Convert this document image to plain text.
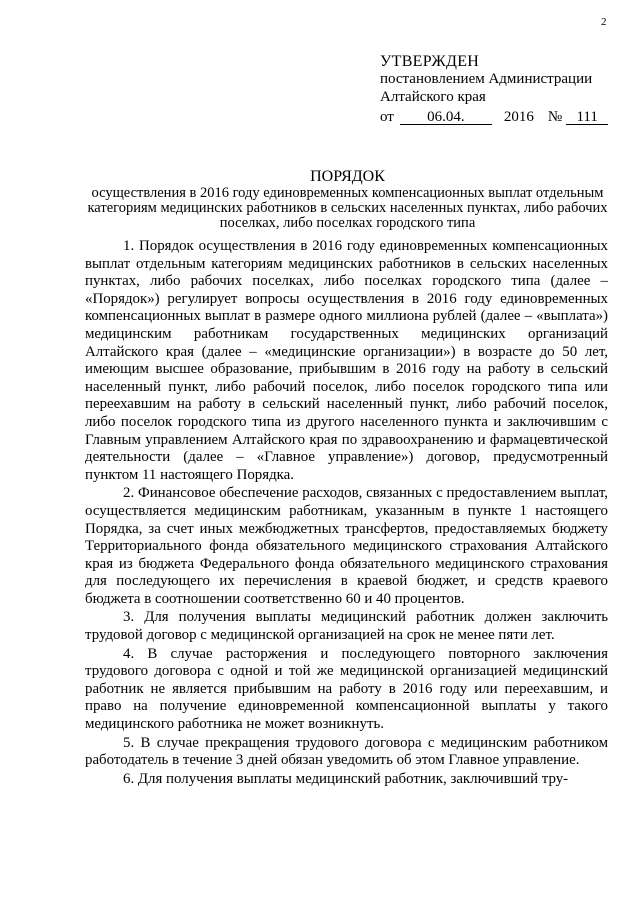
2
УТВЕРЖДЕН
постановлением Администрации
Алтайского края
от 06.04.	2016 № 111
ПОРЯДОК
осуществления в 2016 году единовременных компенсационных выплат отдельным категориям медицинских работников в сельских населенных пунктах, либо рабочих поселках, либо поселках городского типа

1. Порядок осуществления в 2016 году единовременных компенсационных выплат отдельным категориям медицинских работников в сельских населенных пунктах, либо рабочих поселках, либо поселках городского типа (далее – «Порядок») регулирует вопросы осуществления в 2016 году единовременных компенсационных выплат в размере одного миллиона рублей (далее – «выплата») медицинским работникам государственных медицинских организаций Алтайского края (далее – «медицинские организации») в возрасте до 50 лет, имеющим высшее образование, прибывшим в 2016 году на работу в сельский населенный пункт, либо рабочий поселок, либо поселок городского типа или переехавшим на работу в сельский населенный пункт, либо рабочий поселок, либо поселок городского типа из другого населенного пункта и заключившим с Главным управлением Алтайского края по здравоохранению и фармацевтической деятельности (далее – «Главное управление») договор, предусмотренный пунктом 11 настоящего Порядка.

2. Финансовое обеспечение расходов, связанных с предоставлением выплат, осуществляется медицинским работникам, указанным в пункте 1 настоящего Порядка, за счет иных межбюджетных трансфертов, предоставляемых бюджету Территориального фонда обязательного медицинского страхования Алтайского края из бюджета Федерального фонда обязательного медицинского страхования для последующего их перечисления в краевой бюджет, и средств краевого бюджета в соотношении соответственно 60 и 40 процентов.

3. Для получения выплаты медицинский работник должен заключить трудовой договор с медицинской организацией на срок не менее пяти лет.

4. В случае расторжения и последующего повторного заключения трудового договора с одной и той же медицинской организацией медицинский работник не является прибывшим на работу в 2016 году или переехавшим, и право на получение единовременной компенсационной выплаты у такого медицинского работника не может возникнуть.

5. В случае прекращения трудового договора с медицинским работником работодатель в течение 3 дней обязан уведомить об этом Главное управление.

6. Для получения выплаты медицинский работник, заключивший тру-
